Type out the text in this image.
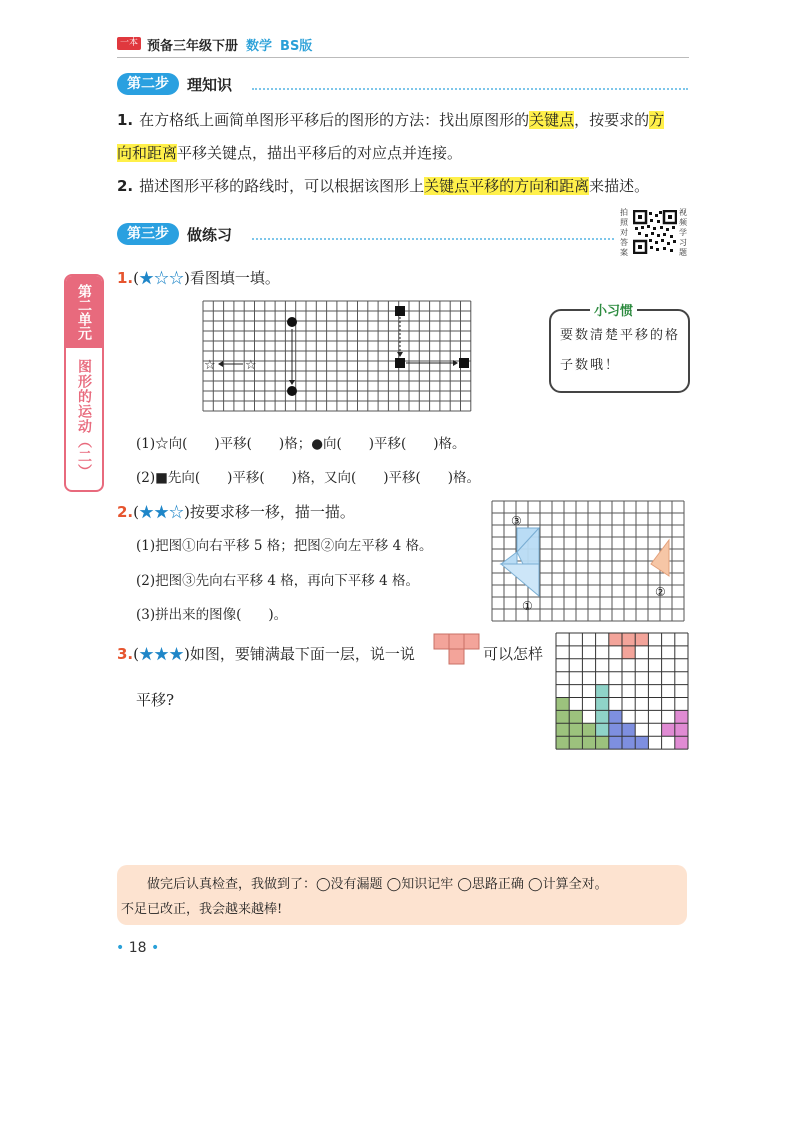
一本 预备三年级下册 数学 BS版
第二步	理知识
1. 在方格纸上画简单图形平移后的图形的方法：找出原图形的关键点，按要求的方
向和距离平移关键点，描出平移后的对应点并连接。
2. 描述图形平移的路线时，可以根据该图形上关键点平移的方向和距离来描述。
第三步	做练习
拍照对答案
视频学习题
第二单元
图形的运动（二）
1.(★☆☆)看图填一填。
☆ ☆
小习惯
要数清楚平移的格子数哦！
(1)☆向(　　)平移(　　)格；●向(　　)平移(　　)格。
(2)■先向(　　)平移(　　)格，又向(　　)平移(　　)格。
2.(★★☆)按要求移一移，描一描。
(1)把图①向右平移 5 格；把图②向左平移 4 格。
(2)把图③先向右平移 4 格，再向下平移 4 格。
(3)拼出来的图像(　　)。
③
①
②
3.(★★★)如图，要铺满最下面一层，说一说	可以怎样
平移?
做完后认真检查，我做到了：◯没有漏题 ◯知识记牢 ◯思路正确 ◯计算全对。
不足已改正，我会越来越棒!
• 18 •
